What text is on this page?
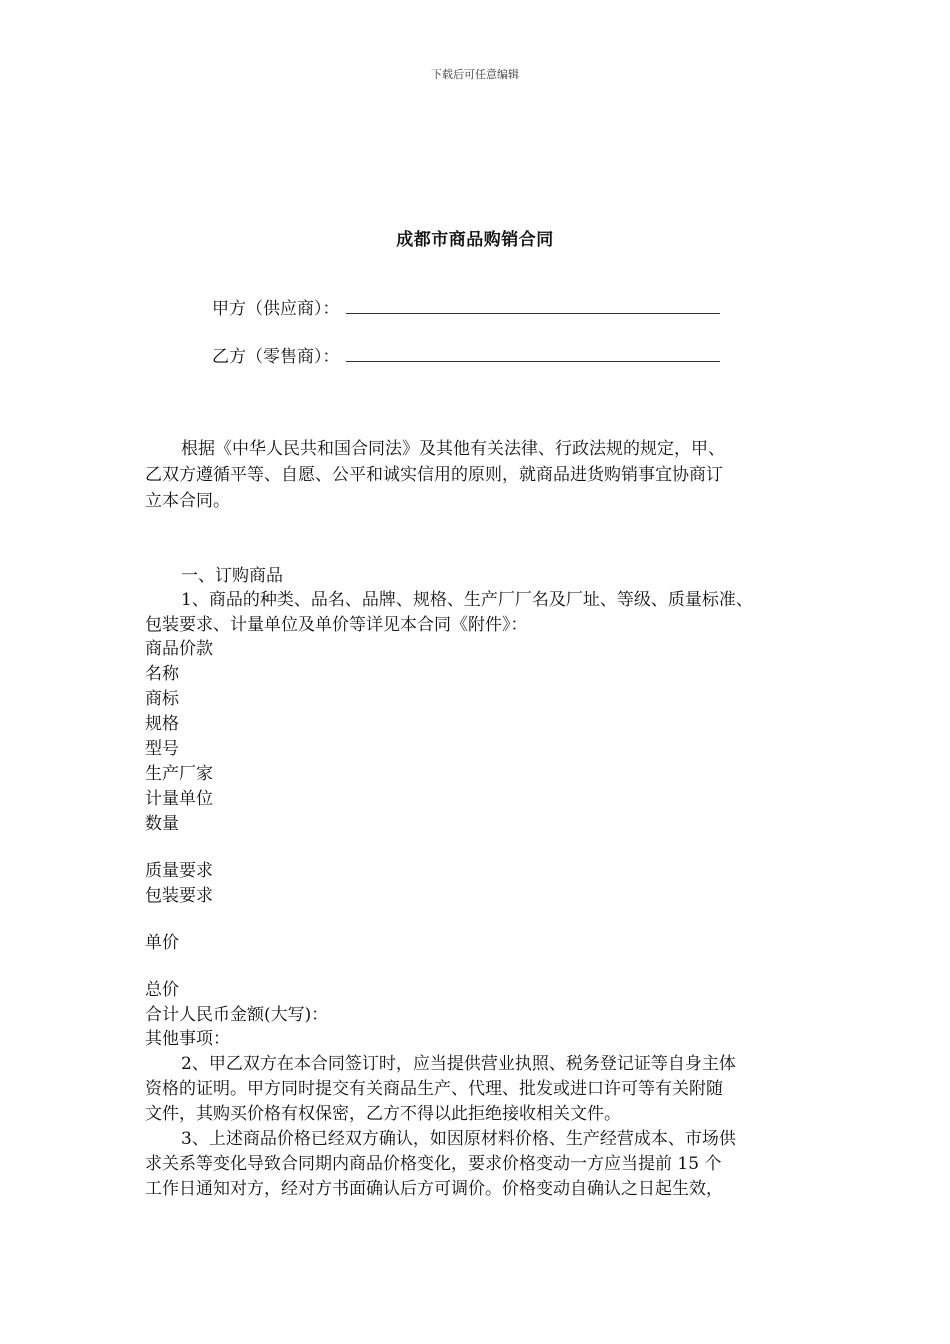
下载后可任意编辑
成都市商品购销合同
甲方（供应商）：
乙方（零售商）：
根据《中华人民共和国合同法》及其他有关法律、行政法规的规定，甲、
乙双方遵循平等、自愿、公平和诚实信用的原则，就商品进货购销事宜协商订
立本合同。
一、订购商品
1、商品的种类、品名、品牌、规格、生产厂厂名及厂址、等级、质量标准、
包装要求、计量单位及单价等详见本合同《附件》：
商品价款
名称
商标
规格
型号
生产厂家
计量单位
数量
质量要求
包装要求
单价
总价
合计人民币金额(大写)：
其他事项：
2、甲乙双方在本合同签订时，应当提供营业执照、税务登记证等自身主体
资格的证明。甲方同时提交有关商品生产、代理、批发或进口许可等有关附随
文件，其购买价格有权保密，乙方不得以此拒绝接收相关文件。
3、上述商品价格已经双方确认，如因原材料价格、生产经营成本、市场供
求关系等变化导致合同期内商品价格变化，要求价格变动一方应当提前 15 个
工作日通知对方，经对方书面确认后方可调价。价格变动自确认之日起生效，
